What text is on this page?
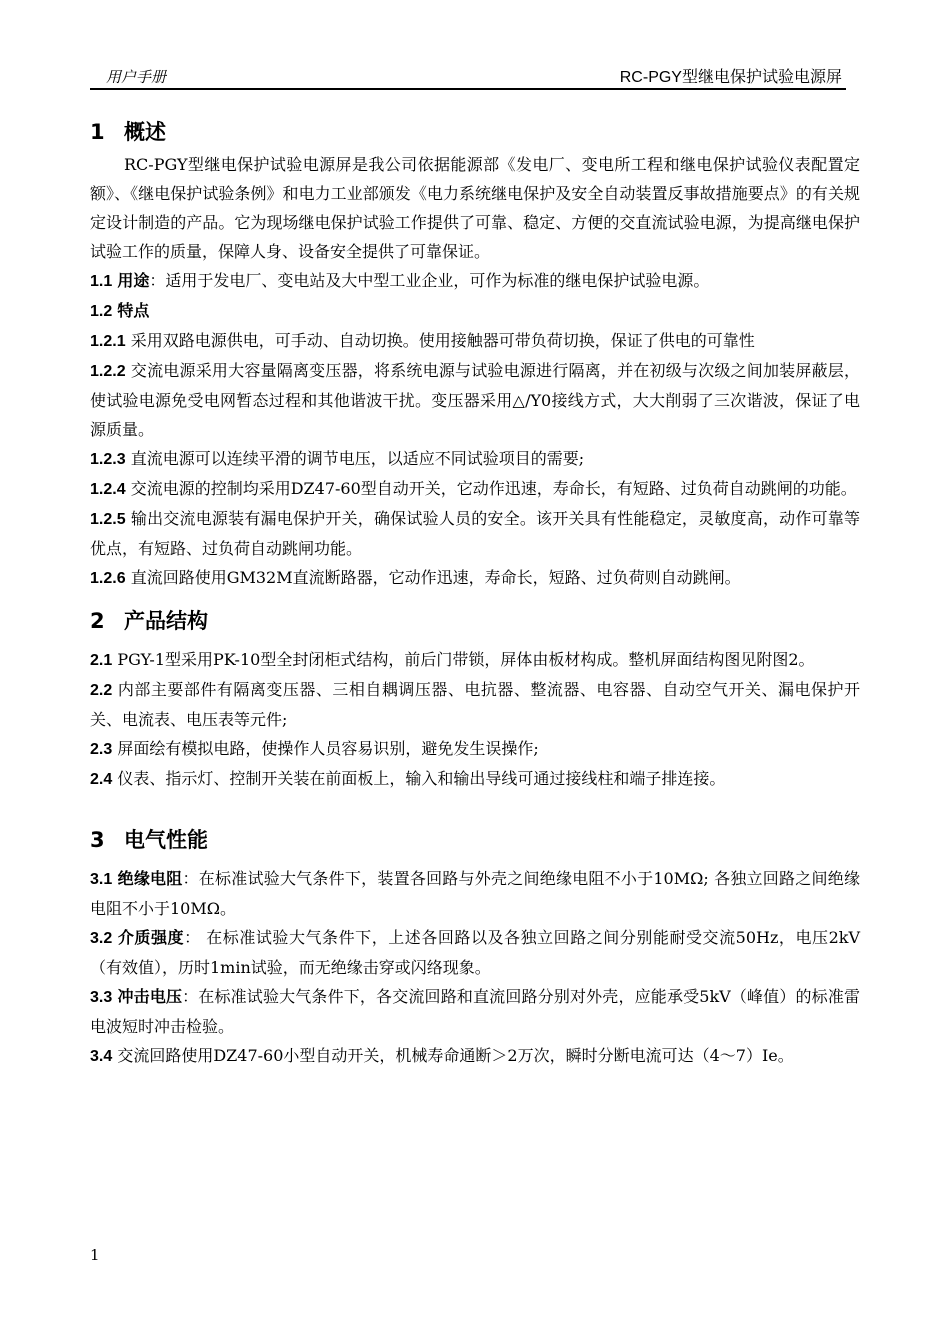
用户手册	RC-PGY型继电保护试验电源屏
1 概述

RC-PGY型继电保护试验电源屏是我公司依据能源部《发电厂、变电所工程和继电保护试验仪表配置定额》、《继电保护试验条例》和电力工业部颁发《电力系统继电保护及安全自动装置反事故措施要点》的有关规定设计制造的产品。它为现场继电保护试验工作提供了可靠、稳定、方便的交直流试验电源，为提高继电保护试验工作的质量，保障人身、设备安全提供了可靠保证。

1.1 用途：适用于发电厂、变电站及大中型工业企业，可作为标准的继电保护试验电源。

1.2 特点

1.2.1 采用双路电源供电，可手动、自动切换。使用接触器可带负荷切换，保证了供电的可靠性

1.2.2 交流电源采用大容量隔离变压器，将系统电源与试验电源进行隔离，并在初级与次级之间加装屏蔽层，使试验电源免受电网暂态过程和其他谐波干扰。变压器采用△/Y0接线方式，大大削弱了三次谐波，保证了电源质量。

1.2.3 直流电源可以连续平滑的调节电压，以适应不同试验项目的需要;

1.2.4 交流电源的控制均采用DZ47-60型自动开关，它动作迅速，寿命长，有短路、过负荷自动跳闸的功能。

1.2.5 输出交流电源装有漏电保护开关，确保试验人员的安全。该开关具有性能稳定，灵敏度高，动作可靠等优点，有短路、过负荷自动跳闸功能。

1.2.6 直流回路使用GM32M直流断路器，它动作迅速，寿命长，短路、过负荷则自动跳闸。

2 产品结构

2.1 PGY-1型采用PK-10型全封闭柜式结构，前后门带锁，屏体由板材构成。整机屏面结构图见附图2。

2.2 内部主要部件有隔离变压器、三相自耦调压器、电抗器、整流器、电容器、自动空气开关、漏电保护开关、电流表、电压表等元件;

2.3 屏面绘有模拟电路，使操作人员容易识别，避免发生误操作;

2.4 仪表、指示灯、控制开关装在前面板上，输入和输出导线可通过接线柱和端子排连接。

3 电气性能

3.1 绝缘电阻：在标准试验大气条件下，装置各回路与外壳之间绝缘电阻不小于10MΩ; 各独立回路之间绝缘电阻不小于10MΩ。

3.2 介质强度： 在标准试验大气条件下，上述各回路以及各独立回路之间分别能耐受交流50Hz，电压2kV（有效值），历时1min试验，而无绝缘击穿或闪络现象。

3.3 冲击电压：在标准试验大气条件下，各交流回路和直流回路分别对外壳，应能承受5kV（峰值）的标准雷电波短时冲击检验。

3.4 交流回路使用DZ47-60小型自动开关，机械寿命通断＞2万次，瞬时分断电流可达（4～7）Ie。

1
